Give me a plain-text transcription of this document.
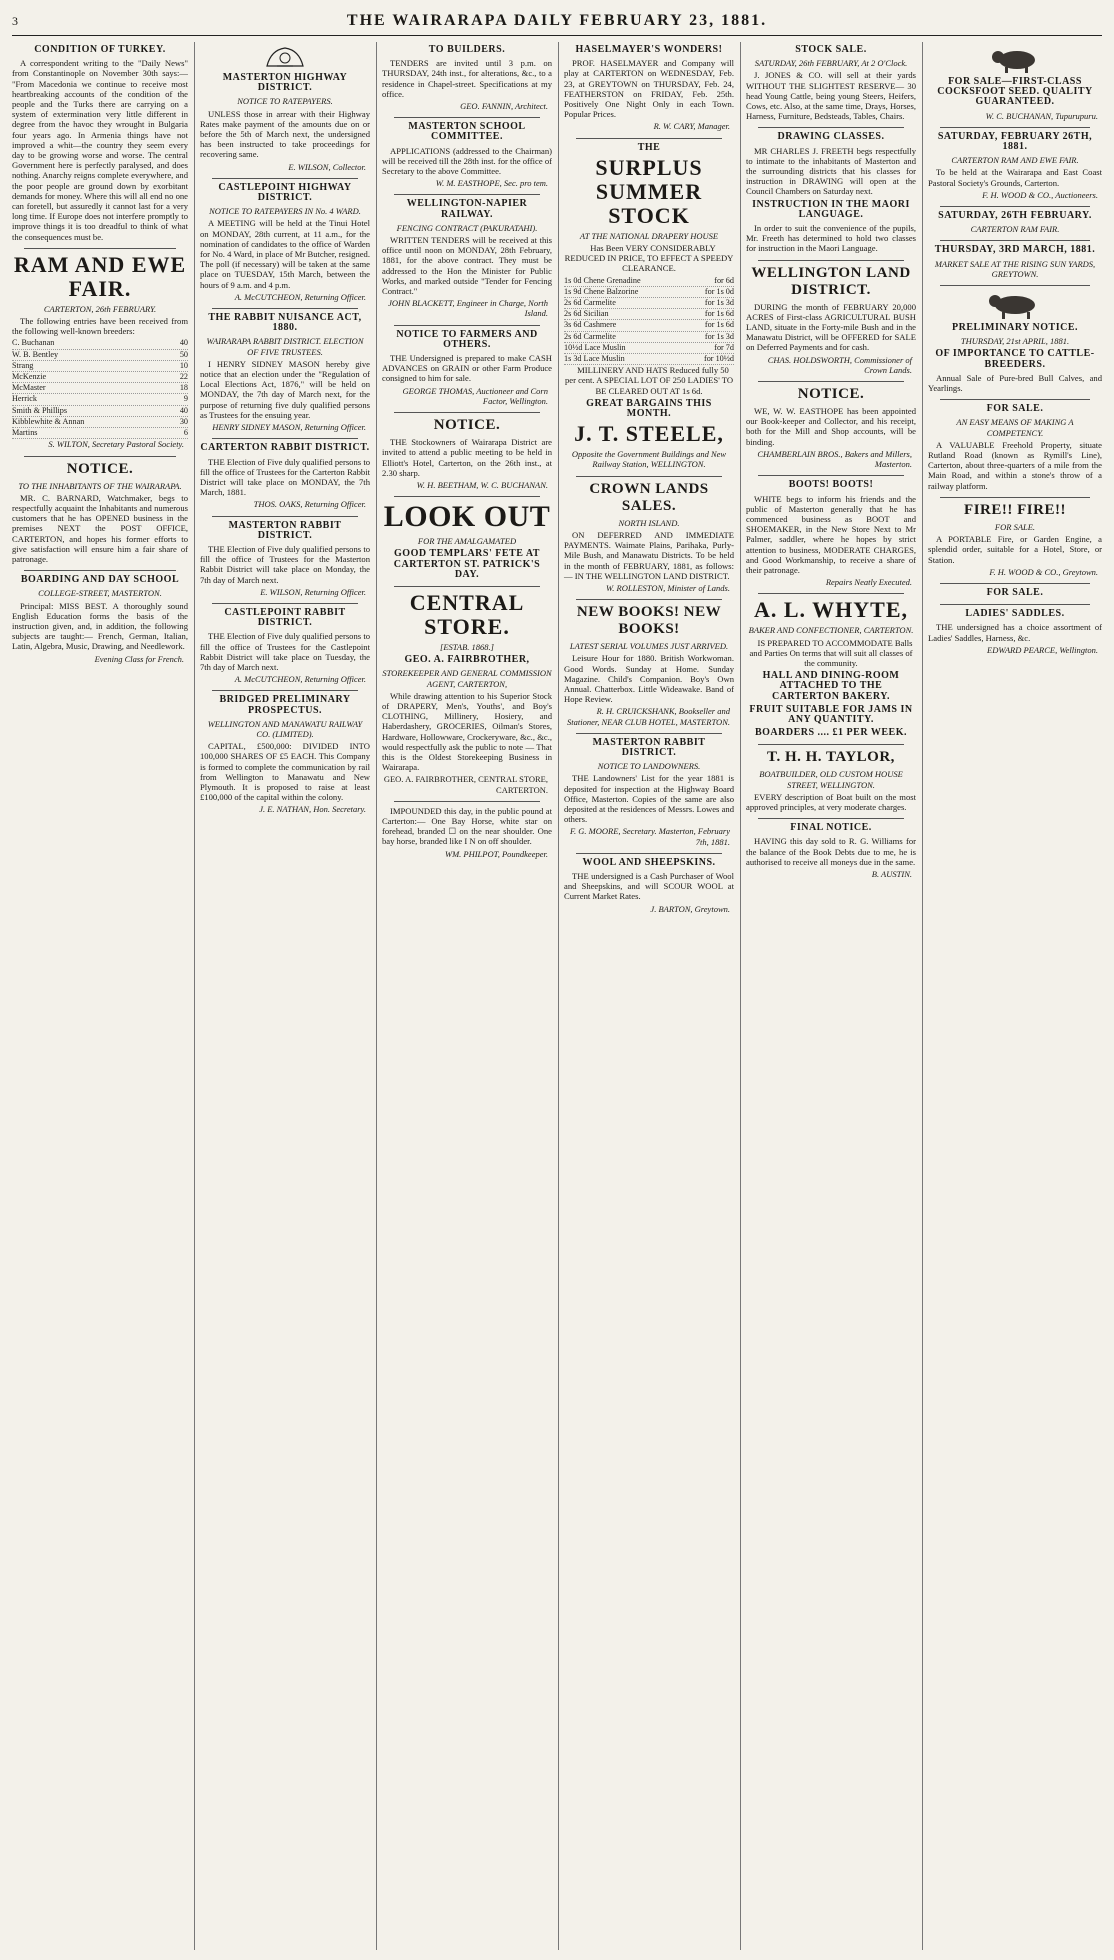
3	THE WAIRARAPA DAILY FEBRUARY 23, 1881.
CONDITION OF TURKEY.

A correspondent writing to the "Daily News" from Constantinople on November 30th says:— "From Macedonia we continue to receive most heartbreaking accounts of the condition of the people and the Turks there are carrying on a system of extermination very little different in degree from the havoc they wrought in Bulgaria four years ago. In Armenia things have not improved a whit—the country they seem every day to be growing worse and worse. The central Government here is perfectly paralysed, and does nothing. Anarchy reigns complete everywhere, and the poor people are ground down by exorbitant demands for money. Where this will all end no one can foretell, but assuredly it cannot last for a very long time. If Europe does not interfere promptly to improve things it is too dreadful to think of what the consequences must be.

RAM AND EWE FAIR.
CARTERTON, 26th FEBRUARY.

The following entries have been received from the following well-known breeders:

C. Buchanan	40
W. B. Bentley	50
Strang	10
McKenzie	22
McMaster	18
Herrick	9
Smith & Phillips	40
Kibblewhite & Annan	30
Martins	6
S. WILTON, Secretary Pastoral Society.
NOTICE.
TO THE INHABITANTS OF THE WAIRARAPA.

MR. C. BARNARD, Watchmaker, begs to respectfully acquaint the Inhabitants and numerous customers that he has OPENED business in the premises NEXT the POST OFFICE, CARTERTON, and hopes his former efforts to give satisfaction will ensure him a fair share of patronage.

BOARDING AND DAY SCHOOL
COLLEGE-STREET, MASTERTON.

Principal: MISS BEST. A thoroughly sound English Education forms the basis of the instruction given, and, in addition, the following subjects are taught:— French, German, Italian, Latin, Algebra, Music, Drawing, and Needlework.

Evening Class for French.
MASTERTON HIGHWAY DISTRICT.
NOTICE TO RATEPAYERS.

UNLESS those in arrear with their Highway Rates make payment of the amounts due on or before the 5th of March next, the undersigned has been instructed to take proceedings for recovering same.

E. WILSON, Collector.
CASTLEPOINT HIGHWAY DISTRICT.
NOTICE TO RATEPAYERS IN No. 4 WARD.

A MEETING will be held at the Tinui Hotel on MONDAY, 28th current, at 11 a.m., for the nomination of candidates to the office of Warden for No. 4 Ward, in place of Mr Butcher, resigned. The poll (if necessary) will be taken at the same place on TUESDAY, 15th March, between the hours of 9 a.m. and 4 p.m.

A. McCUTCHEON, Returning Officer.
THE RABBIT NUISANCE ACT, 1880.
WAIRARAPA RABBIT DISTRICT. ELECTION OF FIVE TRUSTEES.

I HENRY SIDNEY MASON hereby give notice that an election under the "Regulation of Local Elections Act, 1876," will be held on MONDAY, the 7th day of March next, for the purpose of returning five duly qualified persons as Trustees for the ensuing year.

HENRY SIDNEY MASON, Returning Officer.
CARTERTON RABBIT DISTRICT.

THE Election of Five duly qualified persons to fill the office of Trustees for the Carterton Rabbit District will take place on MONDAY, the 7th March, 1881.

THOS. OAKS, Returning Officer.
MASTERTON RABBIT DISTRICT.

THE Election of Five duly qualified persons to fill the office of Trustees for the Masterton Rabbit District will take place on Monday, the 7th day of March next.

E. WILSON, Returning Officer.
CASTLEPOINT RABBIT DISTRICT.

THE Election of Five duly qualified persons to fill the office of Trustees for the Castlepoint Rabbit District will take place on Tuesday, the 7th day of March next.

A. McCUTCHEON, Returning Officer.
BRIDGED PRELIMINARY PROSPECTUS.
WELLINGTON AND MANAWATU RAILWAY CO. (LIMITED).

CAPITAL, £500,000: DIVIDED INTO 100,000 SHARES OF £5 EACH. This Company is formed to complete the communication by rail from Wellington to Manawatu and New Plymouth. It is proposed to raise at least £100,000 of the capital within the colony.

J. E. NATHAN, Hon. Secretary.
TO BUILDERS.

TENDERS are invited until 3 p.m. on THURSDAY, 24th inst., for alterations, &c., to a residence in Chapel-street. Specifications at my office.

GEO. FANNIN, Architect.
MASTERTON SCHOOL COMMITTEE.

APPLICATIONS (addressed to the Chairman) will be received till the 28th inst. for the office of Secretary to the above Committee.

W. M. EASTHOPE, Sec. pro tem.
WELLINGTON-NAPIER RAILWAY.
FENCING CONTRACT (PAKURATAHI).

WRITTEN TENDERS will be received at this office until noon on MONDAY, 28th February, 1881, for the above contract. They must be addressed to the Hon the Minister for Public Works, and marked outside "Tender for Fencing Contract."

JOHN BLACKETT, Engineer in Charge, North Island.
NOTICE TO FARMERS AND OTHERS.

THE Undersigned is prepared to make CASH ADVANCES on GRAIN or other Farm Produce consigned to him for sale.

GEORGE THOMAS, Auctioneer and Corn Factor, Wellington.
NOTICE.

THE Stockowners of Wairarapa District are invited to attend a public meeting to be held in Elliott's Hotel, Carterton, on the 26th inst., at 2.30 sharp.

W. H. BEETHAM, W. C. BUCHANAN.
LOOK OUT
FOR THE AMALGAMATED
GOOD TEMPLARS' FETE AT CARTERTON ST. PATRICK'S DAY.
CENTRAL STORE.
[ESTAB. 1868.]
GEO. A. FAIRBROTHER,
STOREKEEPER AND GENERAL COMMISSION AGENT, CARTERTON,

While drawing attention to his Superior Stock of DRAPERY, Men's, Youths', and Boy's CLOTHING, Millinery, Hosiery, and Haberdashery, GROCERIES, Oilman's Stores, Hardware, Hollowware, Crockeryware, &c., &c., would respectfully ask the public to note — That this is the Oldest Storekeeping Business in Wairarapa.

GEO. A. FAIRBROTHER, CENTRAL STORE, CARTERTON.

IMPOUNDED this day, in the public pound at Carterton:— One Bay Horse, white star on forehead, branded ☐ on the near shoulder. One bay horse, branded like I N on off shoulder.

WM. PHILPOT, Poundkeeper.
HASELMAYER'S WONDERS!

PROF. HASELMAYER and Company will play at CARTERTON on WEDNESDAY, Feb. 23, at GREYTOWN on THURSDAY, Feb. 24, FEATHERSTON on FRIDAY, Feb. 25th. Positively One Night Only in each Town. Popular Prices.

R. W. CARY, Manager.
THE
SURPLUS SUMMER STOCK
AT THE NATIONAL DRAPERY HOUSE

Has Been VERY CONSIDERABLY REDUCED IN PRICE, TO EFFECT A SPEEDY CLEARANCE.

1s 0d Chene Grenadine	for 6d
1s 9d Chene Balzorine	for 1s 0d
2s 6d Carmelite	for 1s 3d
2s 6d Sicilian	for 1s 6d
3s 6d Cashmere	for 1s 6d
2s 6d Carmelite	for 1s 3d
10½d Lace Muslin	for 7d
1s 3d Lace Muslin	for 10½d

MILLINERY AND HATS Reduced fully 50 per cent. A SPECIAL LOT OF 250 LADIES' TO BE CLEARED OUT AT 1s 6d.

GREAT BARGAINS THIS MONTH.
J. T. STEELE,
Opposite the Government Buildings and New Railway Station, WELLINGTON.
CROWN LANDS SALES.
NORTH ISLAND.

ON DEFERRED AND IMMEDIATE PAYMENTS. Waimate Plains, Parihaka, Purly-Mile Bush, and Manawatu Districts. To be held in the month of FEBRUARY, 1881, as follows:— IN THE WELLINGTON LAND DISTRICT.

W. ROLLESTON, Minister of Lands.
NEW BOOKS! NEW BOOKS!
LATEST SERIAL VOLUMES JUST ARRIVED.

Leisure Hour for 1880. British Workwoman. Good Words. Sunday at Home. Sunday Magazine. Child's Companion. Boy's Own Annual. Chatterbox. Little Wideawake. Band of Hope Review.

R. H. CRUICKSHANK, Bookseller and Stationer, NEAR CLUB HOTEL, MASTERTON.
MASTERTON RABBIT DISTRICT.
NOTICE TO LANDOWNERS.

THE Landowners' List for the year 1881 is deposited for inspection at the Highway Board Office, Masterton. Copies of the same are also deposited at the residences of Messrs. Lowes and others.

F. G. MOORE, Secretary. Masterton, February 7th, 1881.
WOOL AND SHEEPSKINS.

THE undersigned is a Cash Purchaser of Wool and Sheepskins, and will SCOUR WOOL at Current Market Rates.

J. BARTON, Greytown.
STOCK SALE.
SATURDAY, 26th FEBRUARY, At 2 O'Clock.

J. JONES & CO. will sell at their yards WITHOUT THE SLIGHTEST RESERVE— 30 head Young Cattle, being young Steers, Heifers, Cows, etc. Also, at the same time, Drays, Horses, Harness, Furniture, Bedsteads, Tables, Chairs.

DRAWING CLASSES.

MR CHARLES J. FREETH begs respectfully to intimate to the inhabitants of Masterton and the surrounding districts that his classes for instruction in DRAWING will open at the Council Chambers on Saturday next.

INSTRUCTION IN THE MAORI LANGUAGE.

In order to suit the convenience of the pupils, Mr. Freeth has determined to hold two classes for instruction in the Maori Language.

WELLINGTON LAND DISTRICT.

DURING the month of FEBRUARY 20,000 ACRES of First-class AGRICULTURAL BUSH LAND, situate in the Forty-mile Bush and in the Manawatu District, will be OFFERED for SALE on Deferred Payments and for cash.

CHAS. HOLDSWORTH, Commissioner of Crown Lands.
NOTICE.

WE, W. W. EASTHOPE has been appointed our Book-keeper and Collector, and his receipt, both for the Mill and Shop accounts, will be binding.

CHAMBERLAIN BROS., Bakers and Millers, Masterton.
BOOTS! BOOTS!

WHITE begs to inform his friends and the public of Masterton generally that he has commenced business as BOOT and SHOEMAKER, in the New Store Next to Mr Palmer, saddler, where he hopes by strict attention to business, MODERATE CHARGES, and Good Workmanship, to receive a share of their patronage.

Repairs Neatly Executed.
A. L. WHYTE,
BAKER AND CONFECTIONER, CARTERTON.

IS PREPARED TO ACCOMMODATE Balls and Parties On terms that will suit all classes of the community.

HALL AND DINING-ROOM ATTACHED TO THE CARTERTON BAKERY.
FRUIT SUITABLE FOR JAMS IN ANY QUANTITY.
BOARDERS .... £1 PER WEEK.
T. H. H. TAYLOR,
BOATBUILDER, OLD CUSTOM HOUSE STREET, WELLINGTON.

EVERY description of Boat built on the most approved principles, at very moderate charges.

FINAL NOTICE.

HAVING this day sold to R. G. Williams for the balance of the Book Debts due to me, he is authorised to receive all moneys due in the same.

B. AUSTIN.
FOR SALE—FIRST-CLASS COCKSFOOT SEED. QUALITY GUARANTEED.
W. C. BUCHANAN, Tupurupuru.
SATURDAY, FEBRUARY 26TH, 1881.
CARTERTON RAM AND EWE FAIR.

To be held at the Wairarapa and East Coast Pastoral Society's Grounds, Carterton.

F. H. WOOD & CO., Auctioneers.
SATURDAY, 26TH FEBRUARY.
CARTERTON RAM FAIR.
THURSDAY, 3RD MARCH, 1881.
MARKET SALE AT THE RISING SUN YARDS, GREYTOWN.
PRELIMINARY NOTICE.
THURSDAY, 21st APRIL, 1881.
OF IMPORTANCE TO CATTLE-BREEDERS.

Annual Sale of Pure-bred Bull Calves, and Yearlings.

FOR SALE.
AN EASY MEANS OF MAKING A COMPETENCY.

A VALUABLE Freehold Property, situate Rutland Road (known as Rymill's Line), Carterton, about three-quarters of a mile from the Main Road, and within a stone's throw of a railway platform.

FIRE!! FIRE!!
FOR SALE.

A PORTABLE Fire, or Garden Engine, a splendid order, suitable for a Hotel, Store, or Station.

F. H. WOOD & CO., Greytown.
FOR SALE.
LADIES' SADDLES.

THE undersigned has a choice assortment of Ladies' Saddles, Harness, &c.

EDWARD PEARCE, Wellington.
